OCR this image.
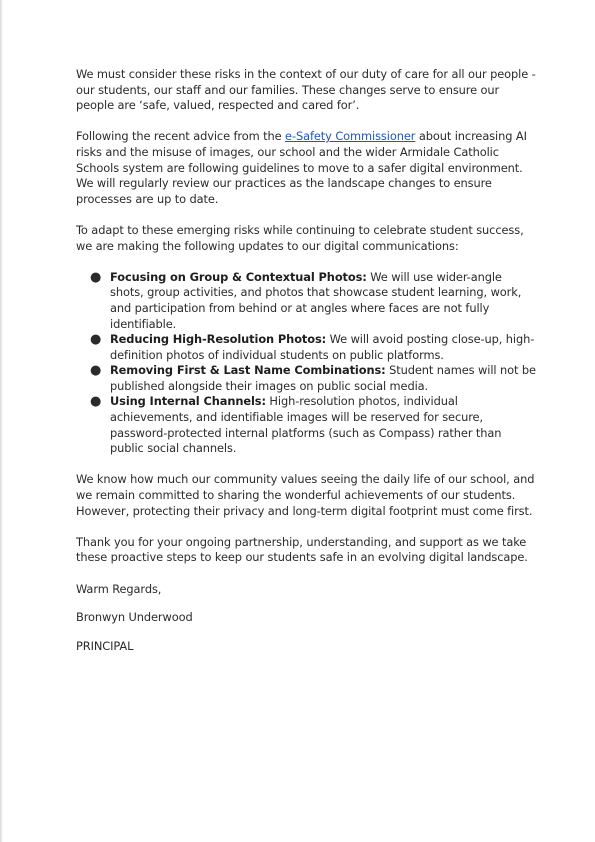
We must consider these risks in the context of our duty of care for all our people - our students, our staff and our families. These changes serve to ensure our people are ‘safe, valued, respected and cared for’.

Following the recent advice from the e-Safety Commissioner about increasing AI risks and the misuse of images, our school and the wider Armidale Catholic Schools system are following guidelines to move to a safer digital environment. We will regularly review our practices as the landscape changes to ensure processes are up to date.

To adapt to these emerging risks while continuing to celebrate student success, we are making the following updates to our digital communications:

● Focusing on Group & Contextual Photos: We will use wider-angle shots, group activities, and photos that showcase student learning, work, and participation from behind or at angles where faces are not fully identifiable.
● Reducing High-Resolution Photos: We will avoid posting close-up, high-definition photos of individual students on public platforms.
● Removing First & Last Name Combinations: Student names will not be published alongside their images on public social media.
● Using Internal Channels: High-resolution photos, individual achievements, and identifiable images will be reserved for secure, password-protected internal platforms (such as Compass) rather than public social channels.

We know how much our community values seeing the daily life of our school, and we remain committed to sharing the wonderful achievements of our students. However, protecting their privacy and long-term digital footprint must come first.

Thank you for your ongoing partnership, understanding, and support as we take these proactive steps to keep our students safe in an evolving digital landscape.

Warm Regards,

Bronwyn Underwood

PRINCIPAL
